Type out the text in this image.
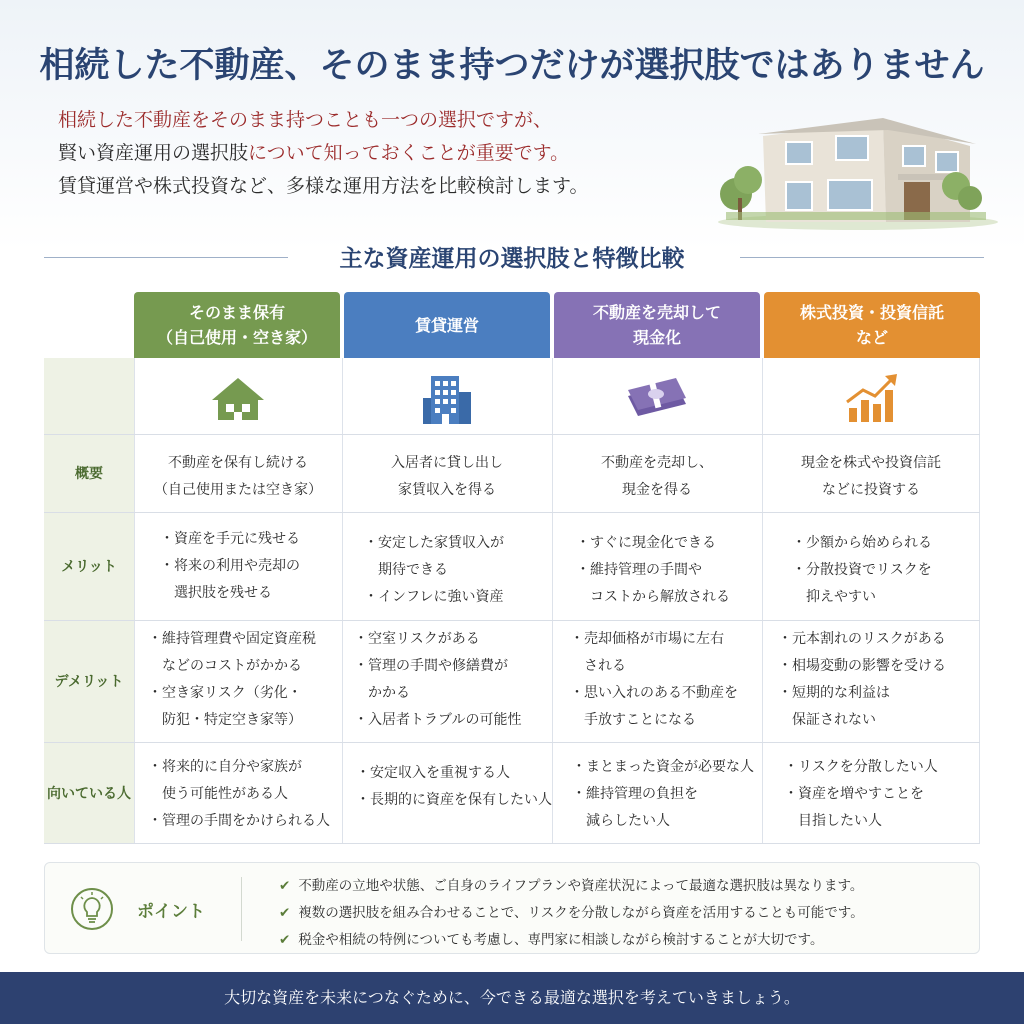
相続した不動産、そのまま持つだけが選択肢ではありません
相続した不動産をそのまま持つことも一つの選択ですが、
賢い資産運用の選択肢について知っておくことが重要です。
賃貸運営や株式投資など、多様な運用方法を比較検討します。
主な資産運用の選択肢と特徴比較
そのまま保有
（自己使用・空き家）
賃貸運営
不動産を売却して
現金化
株式投資・投資信託
など
概要
メリット
デメリット
向いている人
不動産を保有し続ける
（自己使用または空き家）
入居者に貸し出し
家賃収入を得る
不動産を売却し、
現金を得る
現金を株式や投資信託
などに投資する
・資産を手元に残せる
・将来の利用や売却の
　選択肢を残せる
・安定した家賃収入が
　期待できる
・インフレに強い資産
・すぐに現金化できる
・維持管理の手間や
　コストから解放される
・少額から始められる
・分散投資でリスクを
　抑えやすい
・維持管理費や固定資産税
　などのコストがかかる
・空き家リスク（劣化・
　防犯・特定空き家等）
・空室リスクがある
・管理の手間や修繕費が
　かかる
・入居者トラブルの可能性
・売却価格が市場に左右
　される
・思い入れのある不動産を
　手放すことになる
・元本割れのリスクがある
・相場変動の影響を受ける
・短期的な利益は
　保証されない
・将来的に自分や家族が
　使う可能性がある人
・管理の手間をかけられる人
・安定収入を重視する人
・長期的に資産を保有したい人
・まとまった資金が必要な人
・維持管理の負担を
　減らしたい人
・リスクを分散したい人
・資産を増やすことを
　目指したい人
ポイント
✔ 不動産の立地や状態、ご自身のライフプランや資産状況によって最適な選択肢は異なります。
✔ 複数の選択肢を組み合わせることで、リスクを分散しながら資産を活用することも可能です。
✔ 税金や相続の特例についても考慮し、専門家に相談しながら検討することが大切です。
大切な資産を未来につなぐために、今できる最適な選択を考えていきましょう。
